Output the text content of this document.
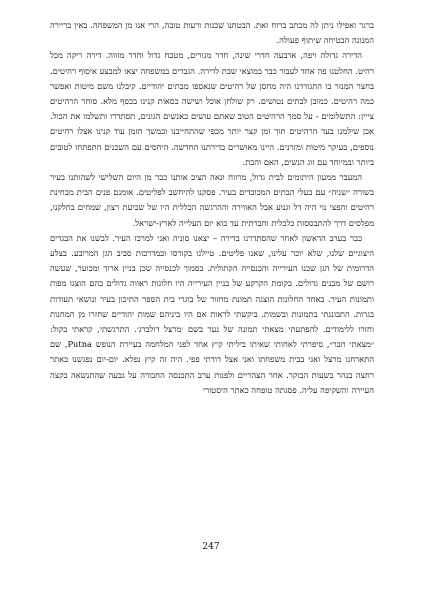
ברגר ואפילו ניתן לה מכתב ברוח זאת. הבטחנו שכנות ורעות טובה, הרי אנו מן המשפחה. באין בריירה המנונה הבטיחה שיתוף פעולה.

הדירה גדולה ויפה, ארבעה חדרי שינה, חדר מגורים, מטבח גדול וחדר מזווה. דירה ריקה מכל רהיט. החלטנו פה אחד לעבור כבר במוצאי שבת לדירה. הגברים במשפחה יצאו למבצע איסוף רהיטים. בחצר המנזר בו התגוררנו היה מחסן של רהיטים שנאספו מבתים יהודיים. קיבלנו משם מיטות ואפשר כמה רהיטים. כמובן לבתים נטושים. רק שולחן אוכל ושישה כסאות קנינו בכסף מלא. סוחר הרהיטים צייין: התשלומים - על סמך הרהיטים הטוב שאתם עושים כאנשים הגונים, תסתדרו ותשלמו את הכול. אכן שילמנו בעד הרהיטים תוך זמן קצר יותר מכפי שהתחייבנו ובמשך הזמן עוד קנינו אצלו רהיטים נוספים, בעיקר מיטות ומזרנים. היינו מאושרים בדירתנו החדשה. היחסים עם השכנים התפתחו לטובים ביותר ובמיוחד עם זוג הנשים, האם והבת.

המעבר ממעון היתומים לבית גדול, מרווח ונאה הציב אותנו כבר מן היום השלישי לשהותנו בעיר בשורה ״שניה״ עם בעלי הבתים המכובדים בעיר. פסקנו להיחשב לפליטים. אומנם פנים הבית מבחינת רהיטים והפצי נוי היה דל וגנוע אבל האווירה וההרגשה הכללית היו של שביעת רצון, שמחים בחלקנו, מפלסים דרך להתבססות כלכלית וחברתית עד בוא יום העלייה לארץ-ישראל.

כבר בערב הראשון לאחר שהסתדרנו בדירה – יצאנו סוניה ואני למרכז העיר. לבשנו את הבגדים היצוגיים שלנו, שלא יוכר עלינו, שאנו פליטים. טיילנו בקורסו ובמדרכות סביב הגן המרובע. בצלע הדרומית של הגן שכנו העירייה והכנסייה הקתולית. בסמוך לכנסייה שכן בניין ארוך ומכוער, שעשה רושם של מבנים גדולים. בקומת הקרקע של בניין העירייה היו חלונות ראווה גדולים בהם הוצגו מפות ותמונות העיר. באחד החלונות הוצגה תמונת מחזור של בוגרי בית הספר התיכון בעיר ונושאי תעודות בגרות. התבוננתי בתמונות ובשמות. ביקשתי לראות אם היו ביניהם שמות יהודיים שחזרו מן המחנות וחזרו ללימודים. להפתעתי מצאתי תמונה של נער בשם ׳מרצל דולברג׳. התרגשתי, קראתי בקול: ״מצאתי חבר״, סיפרתי לאחותי שאיתו ביליתי קיץ אחד לפני המלחמה בעיירת הנופש Putna, שם התארחנו מרצל ואני בבית משפחתו ואני אצל דודתי פפי. היה זה קיץ נפלא. יום-יום נפגשנו באתר רחצה בנהר בשעות הבוקר. אחר הצהריים ולפנות ערב התכנסה החבורה על גבעה שהתנשאה בקצה העיירה והשקיפה עליה. פסגתה טופחה כאתר היסטורי

247
